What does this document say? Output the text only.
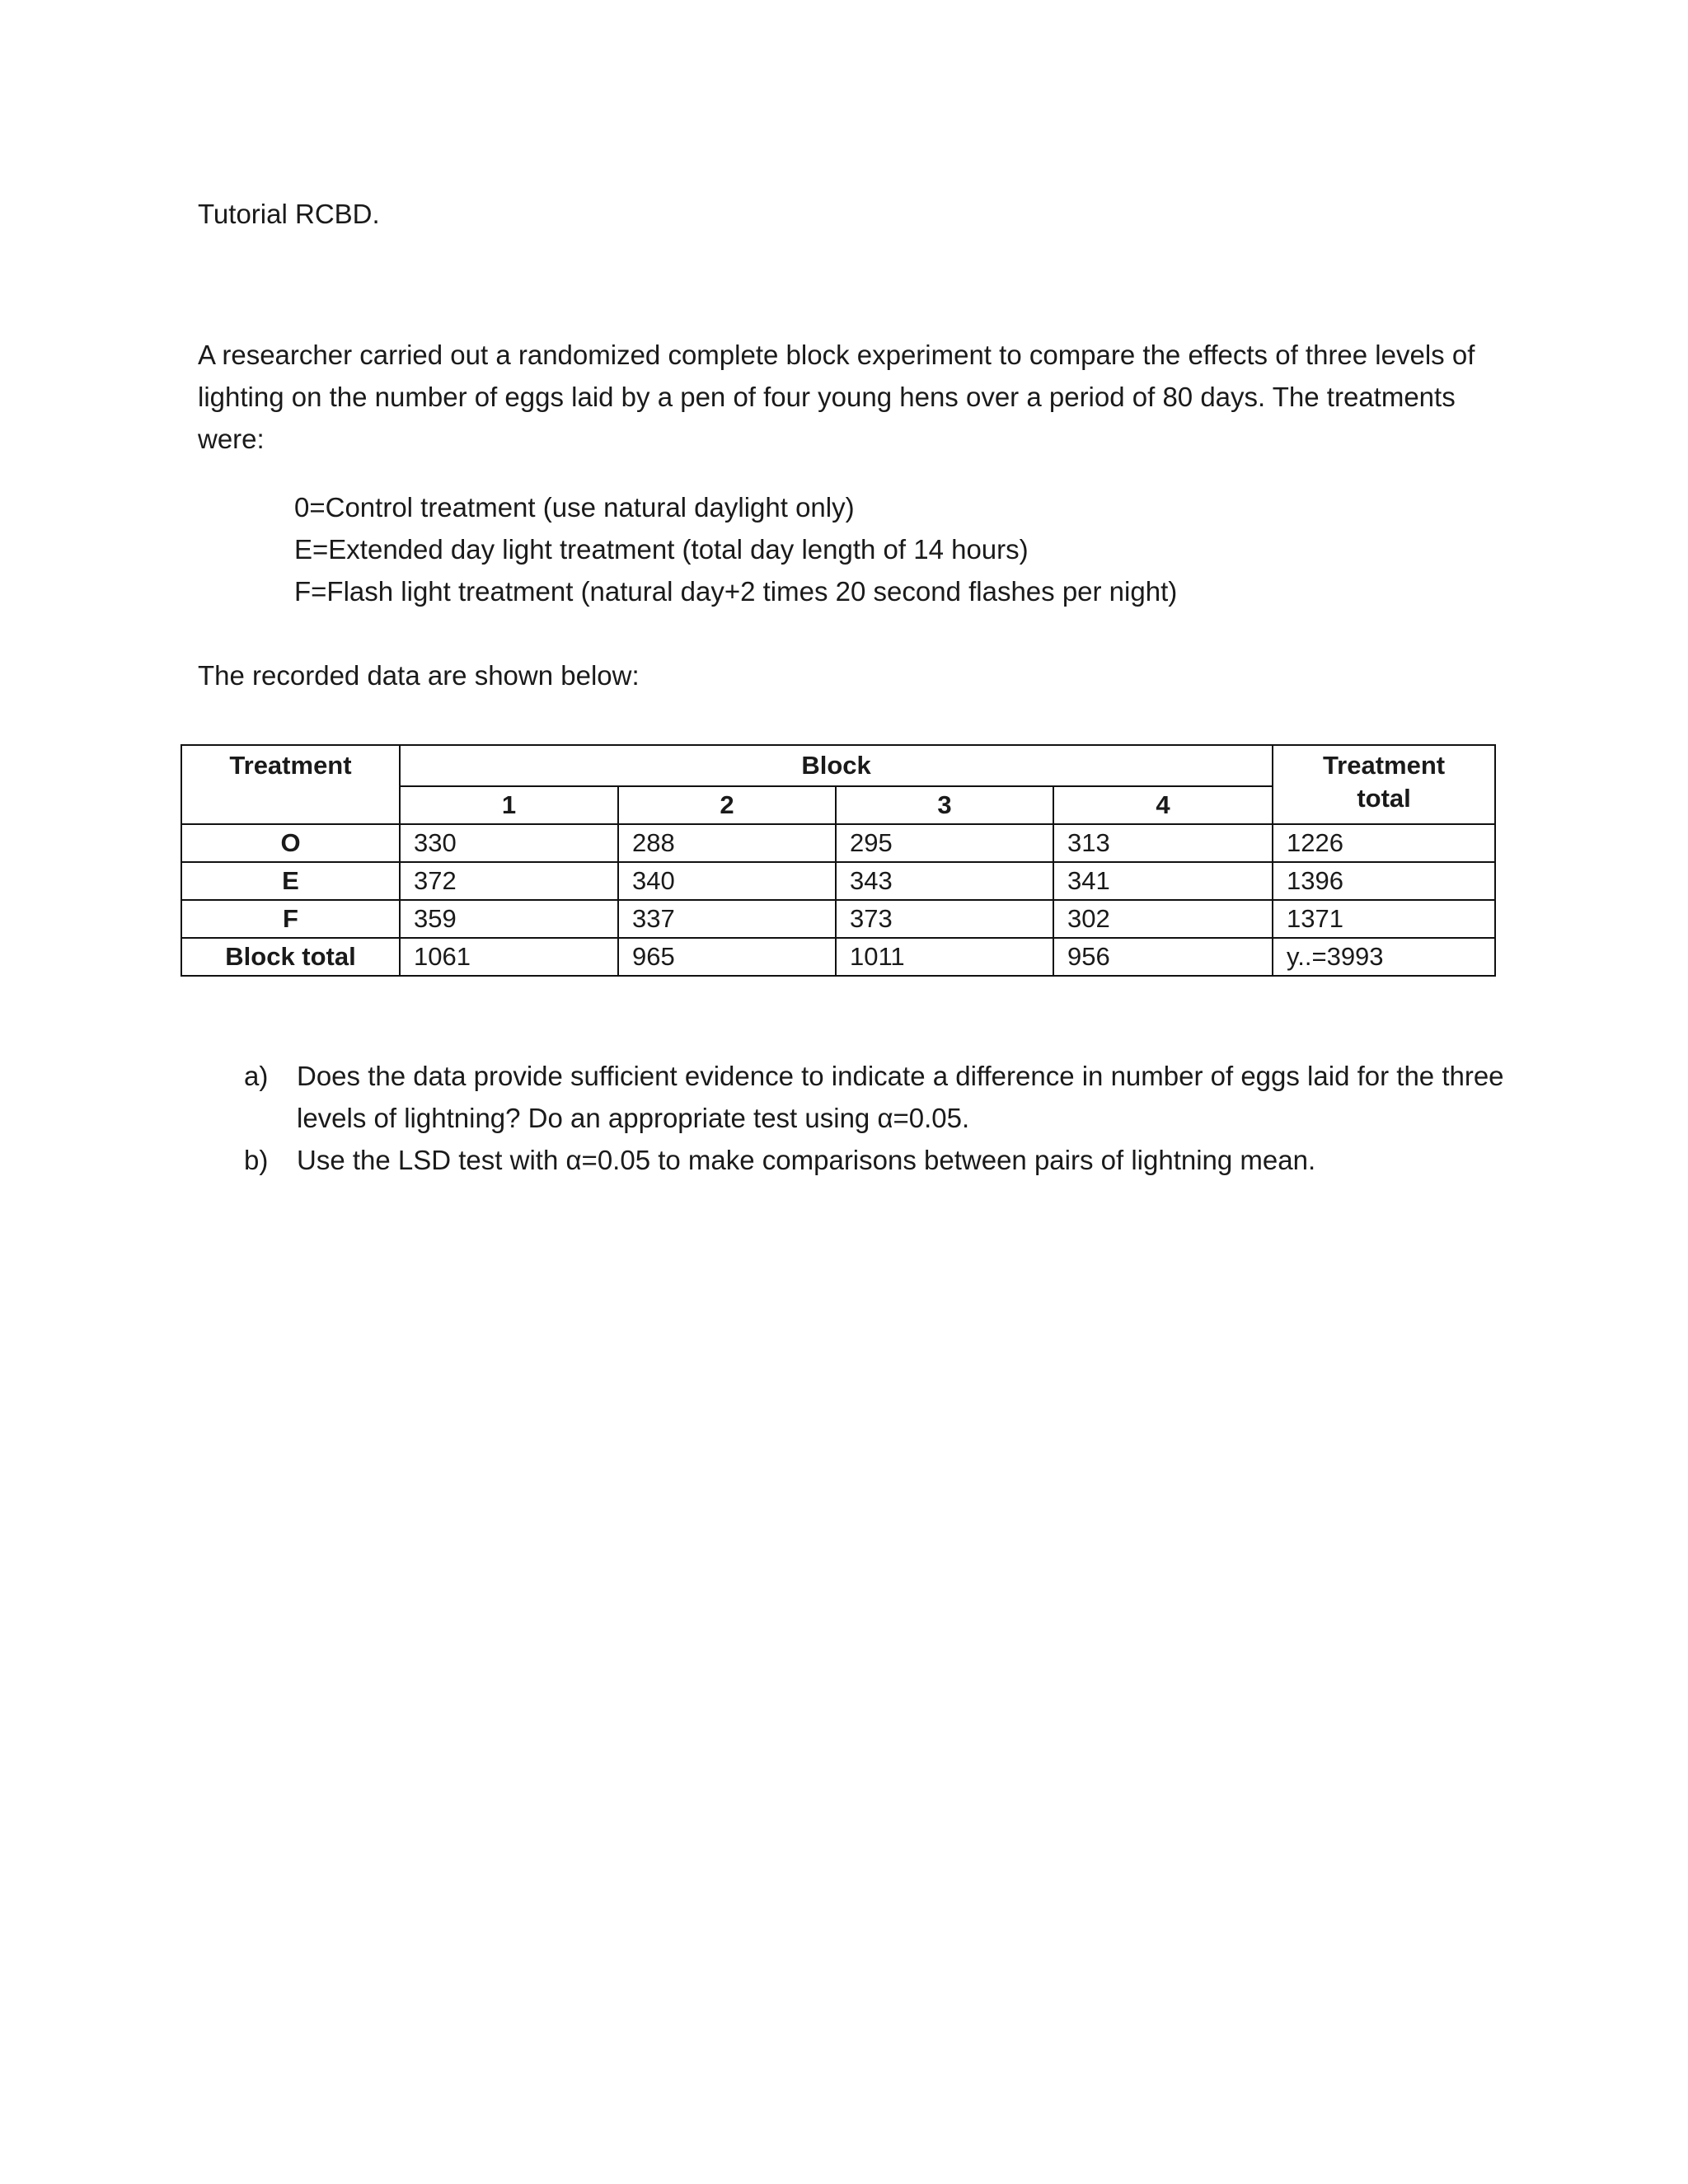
Tutorial RCBD.

A researcher carried out a randomized complete block experiment to compare the effects of three levels of lighting on the number of eggs laid by a pen of four young hens over a period of 80 days. The treatments were:

0=Control treatment (use natural daylight only)
E=Extended day light treatment (total day length of 14 hours)
F=Flash light treatment (natural day+2 times 20 second flashes per night)

The recorded data are shown below:

Treatment	Block				Treatment
total

	1	2	3	4	
O	330	288	295	313	1226
E	372	340	343	341	1396
F	359	337	373	302	1371
Block total	1061	965	1011	956	y..=3993
a) Does the data provide sufficient evidence to indicate a difference in number of eggs laid for the three levels of lightning? Do an appropriate test using α=0.05.
b) Use the LSD test with α=0.05 to make comparisons between pairs of lightning mean.
